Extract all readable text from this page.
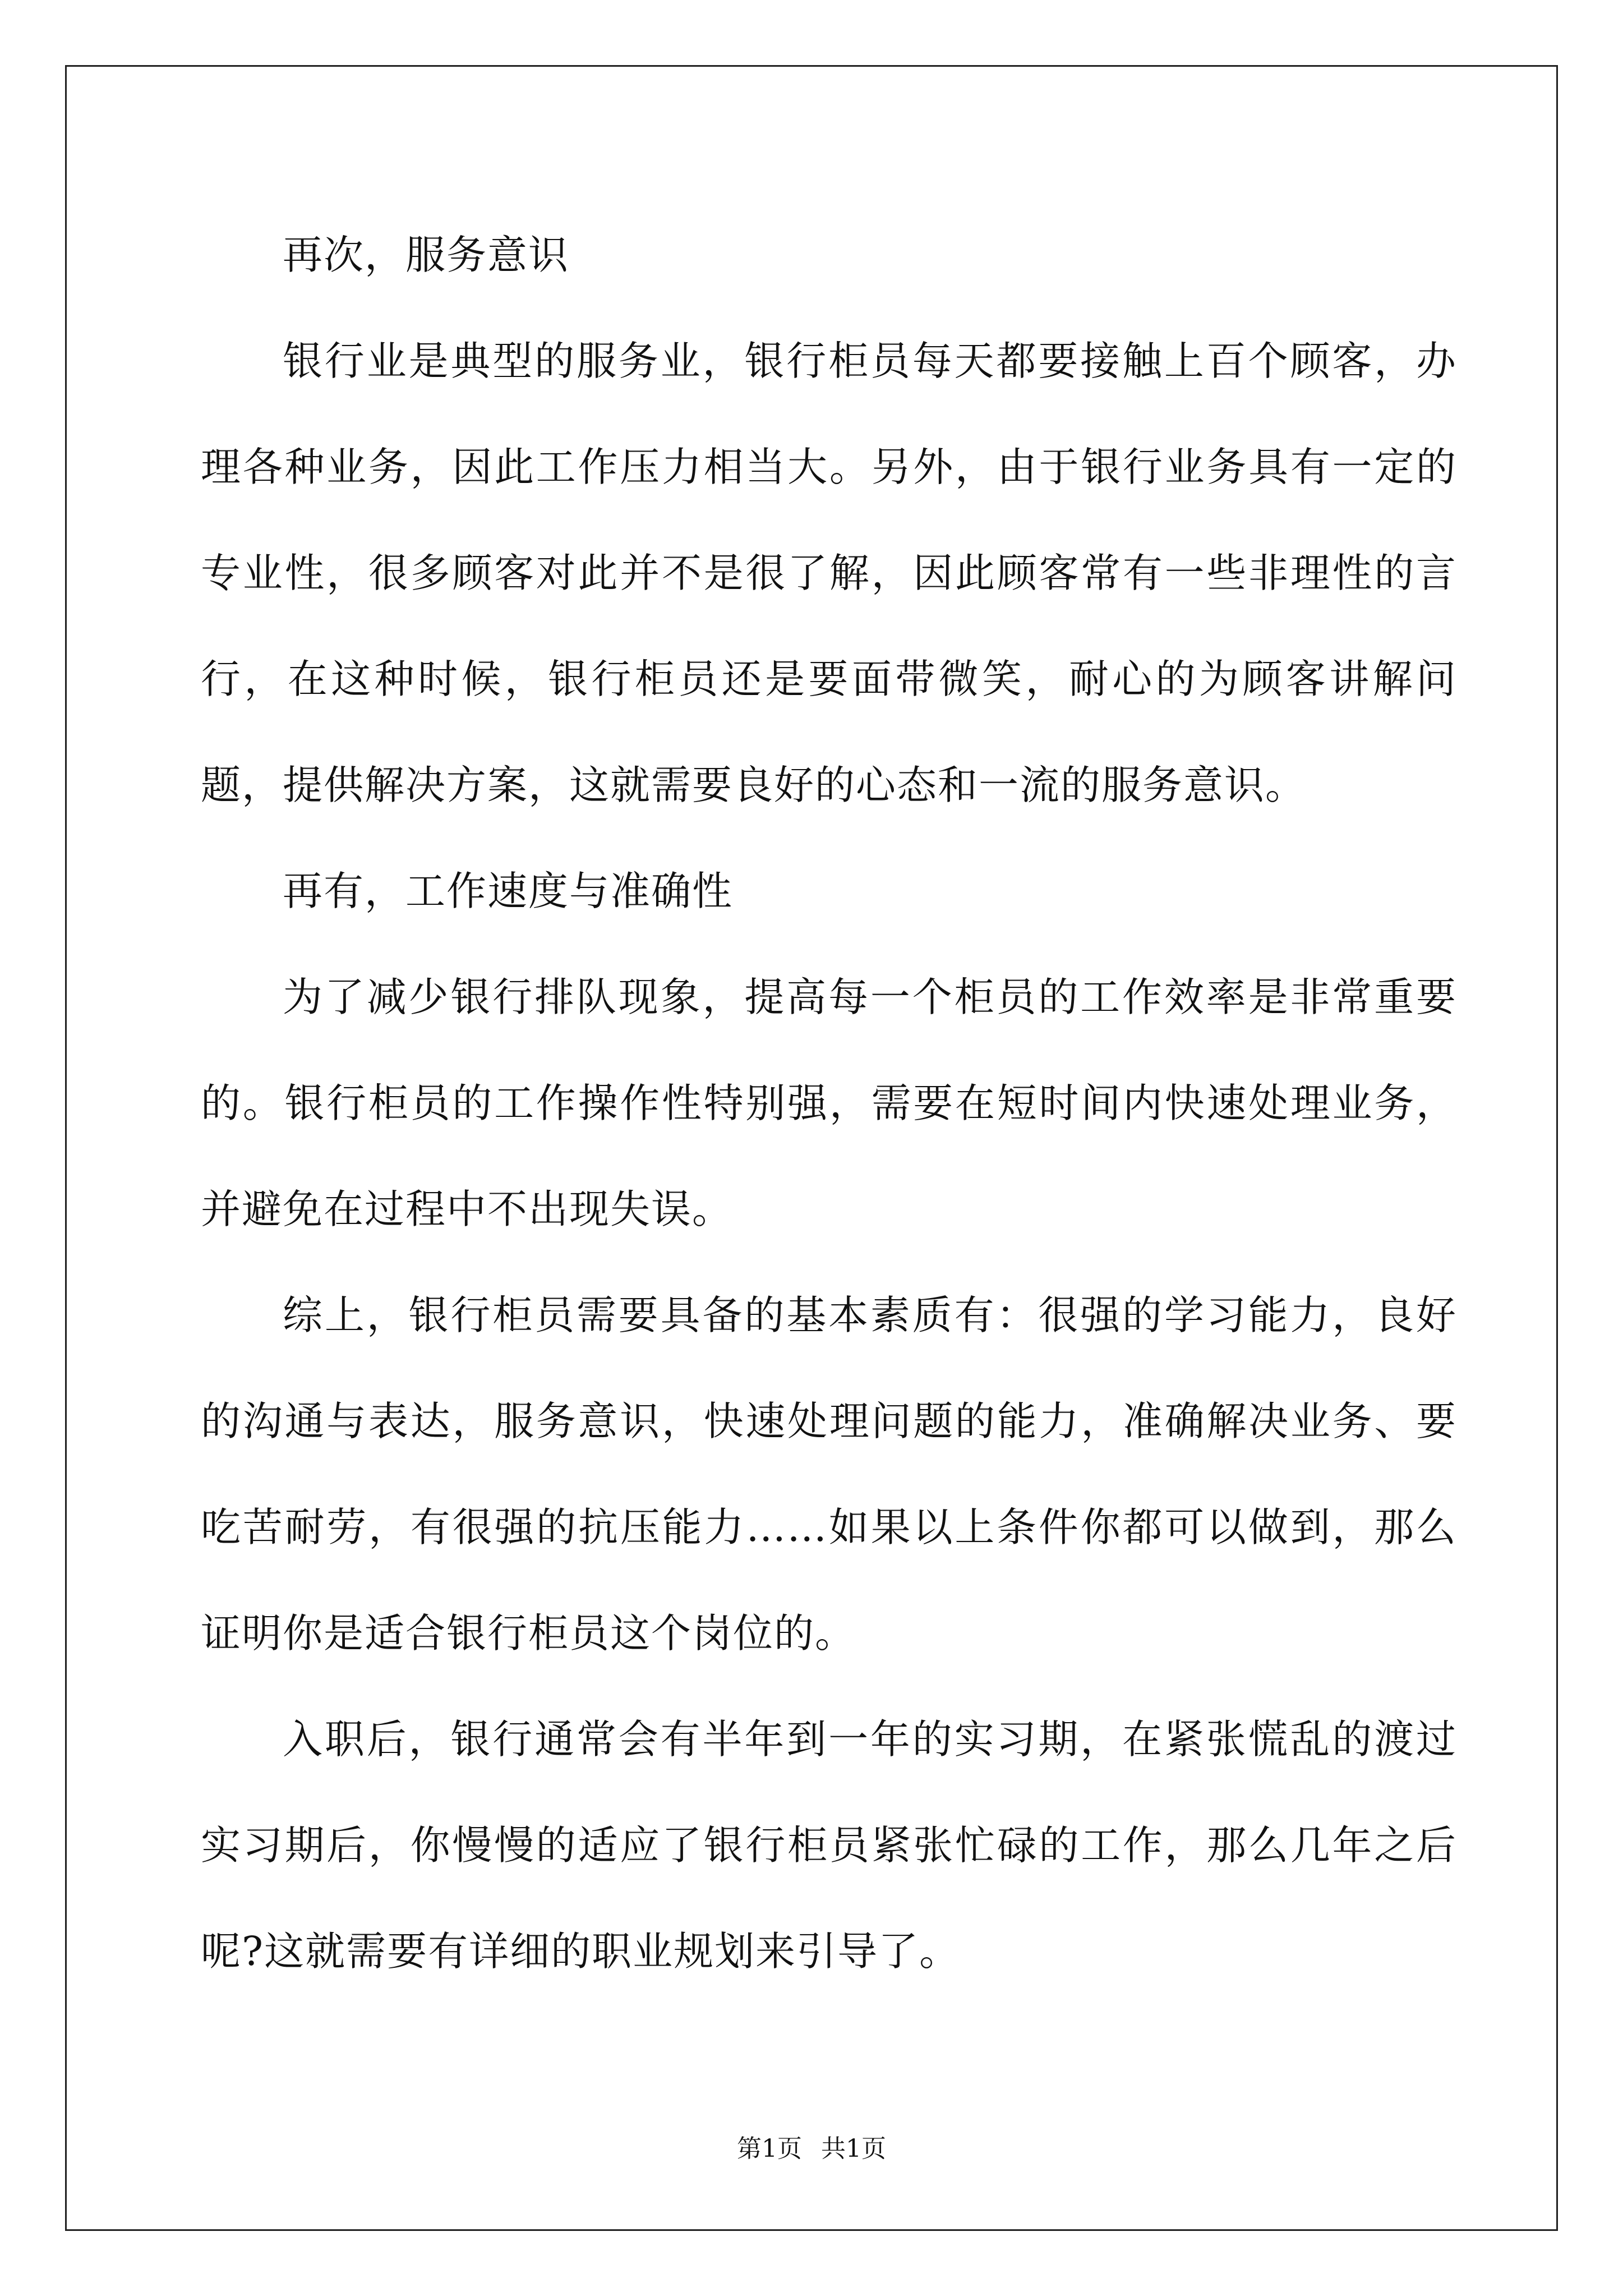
再次，服务意识

银行业是典型的服务业，银行柜员每天都要接触上百个顾客，办理各种业务，因此工作压力相当大。另外，由于银行业务具有一定的专业性，很多顾客对此并不是很了解，因此顾客常有一些非理性的言行，在这种时候，银行柜员还是要面带微笑，耐心的为顾客讲解问题，提供解决方案，这就需要良好的心态和一流的服务意识。

再有，工作速度与准确性

为了减少银行排队现象，提高每一个柜员的工作效率是非常重要的。银行柜员的工作操作性特别强，需要在短时间内快速处理业务，并避免在过程中不出现失误。

综上，银行柜员需要具备的基本素质有：很强的学习能力，良好的沟通与表达，服务意识，快速处理问题的能力，准确解决业务、要吃苦耐劳，有很强的抗压能力……如果以上条件你都可以做到，那么证明你是适合银行柜员这个岗位的。

入职后，银行通常会有半年到一年的实习期，在紧张慌乱的渡过实习期后，你慢慢的适应了银行柜员紧张忙碌的工作，那么几年之后呢?这就需要有详细的职业规划来引导了。

第1页 共1页
